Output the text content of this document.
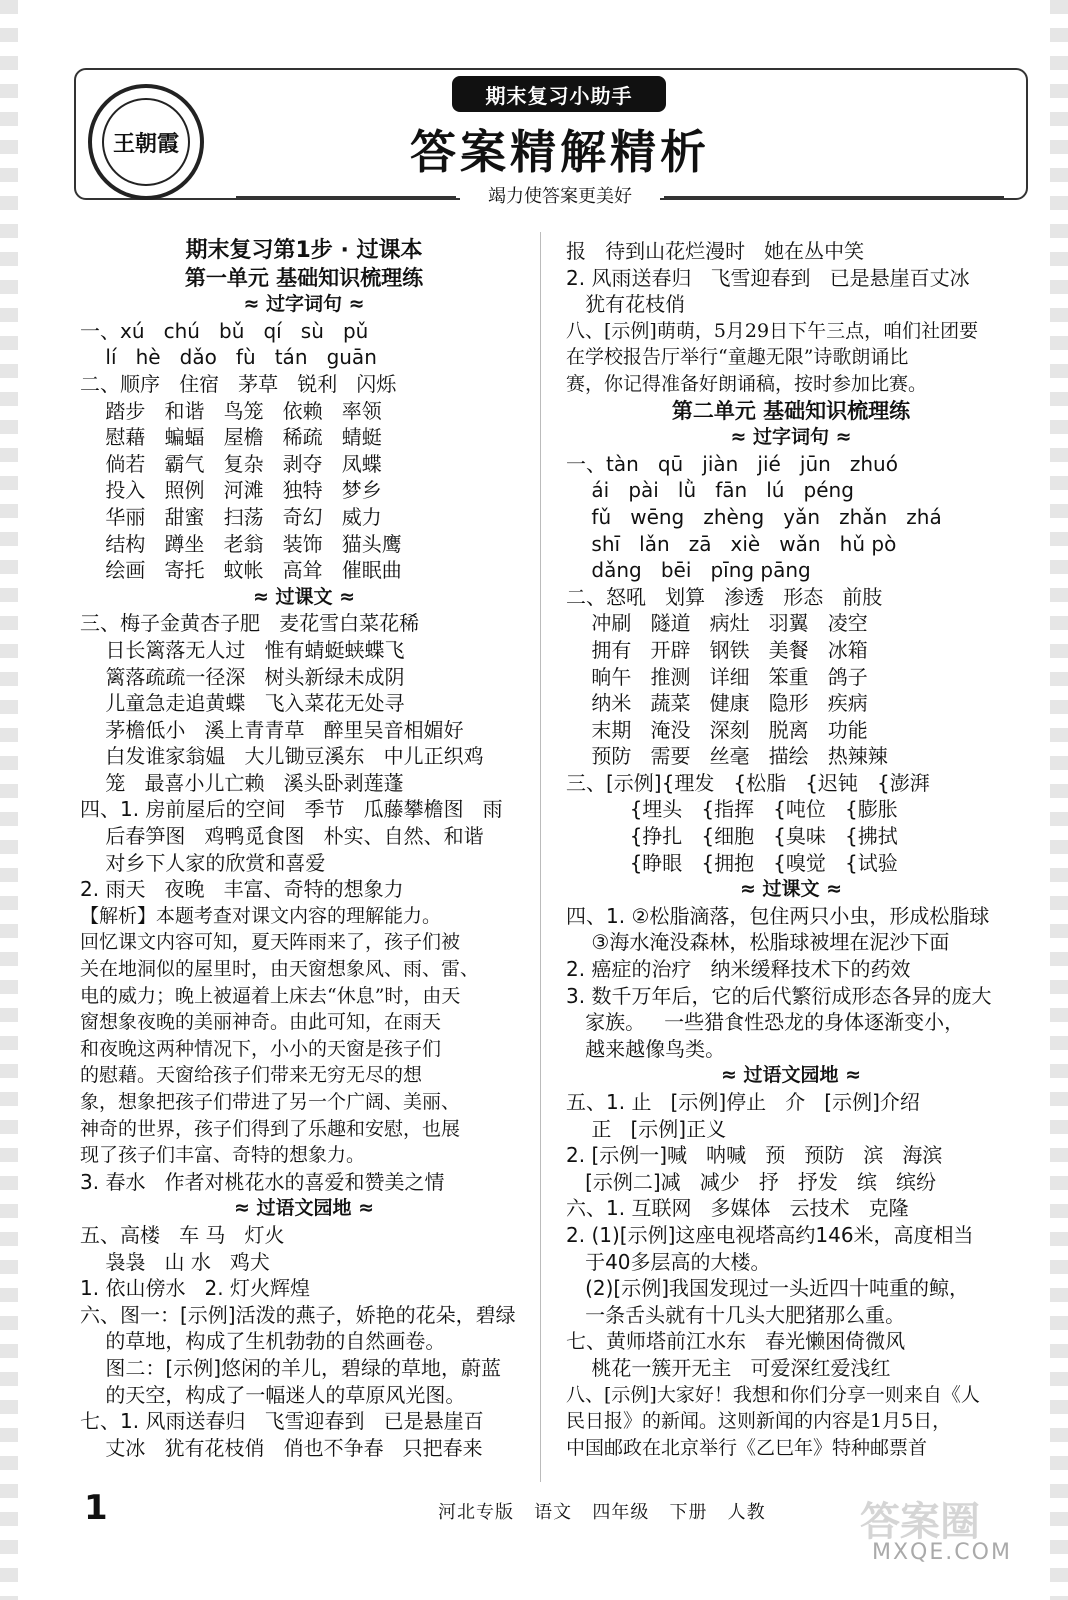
王朝霞
期末复习小助手
答案精解精析
竭力使答案更美好
期末复习第1步 · 过课本
第一单元 基础知识梳理练
≈ 过字词句 ≈
一、xú   chú   bǔ   qí   sù   pǔ
lí   hè   dǎo   fù   tán   guān
二、顺序   住宿   茅草   锐利   闪烁
踏步   和谐   鸟笼   依赖   率领
慰藉   蝙蝠   屋檐   稀疏   蜻蜓
倘若   霸气   复杂   剥夺   凤蝶
投入   照例   河滩   独特   梦乡
华丽   甜蜜   扫荡   奇幻   威力
结构   蹲坐   老翁   装饰   猫头鹰
绘画   寄托   蚊帐   高耸   催眠曲
≈ 过课文 ≈
三、梅子金黄杏子肥   麦花雪白菜花稀
日长篱落无人过   惟有蜻蜓蛱蝶飞
篱落疏疏一径深   树头新绿未成阴
儿童急走追黄蝶   飞入菜花无处寻
茅檐低小   溪上青青草   醉里吴音相媚好
白发谁家翁媪   大儿锄豆溪东   中儿正织鸡
笼   最喜小儿亡赖   溪头卧剥莲蓬
四、1. 房前屋后的空间   季节   瓜藤攀檐图   雨
后春笋图   鸡鸭觅食图   朴实、自然、和谐
对乡下人家的欣赏和喜爱
2. 雨天   夜晚   丰富、奇特的想象力
【解析】本题考查对课文内容的理解能力。
回忆课文内容可知，夏天阵雨来了，孩子们被
关在地洞似的屋里时，由天窗想象风、雨、雷、
电的威力；晚上被逼着上床去“休息”时，由天
窗想象夜晚的美丽神奇。由此可知，在雨天
和夜晚这两种情况下，小小的天窗是孩子们
的慰藉。天窗给孩子们带来无穷无尽的想
象，想象把孩子们带进了另一个广阔、美丽、
神奇的世界，孩子们得到了乐趣和安慰，也展
现了孩子们丰富、奇特的想象力。
3. 春水   作者对桃花水的喜爱和赞美之情
≈ 过语文园地 ≈
五、高楼   车 马   灯火
袅袅   山 水   鸡犬
1. 依山傍水   2. 灯火辉煌
六、图一：[示例]活泼的燕子，娇艳的花朵，碧绿
的草地，构成了生机勃勃的自然画卷。
图二：[示例]悠闲的羊儿，碧绿的草地，蔚蓝
的天空，构成了一幅迷人的草原风光图。
七、1. 风雨送春归   飞雪迎春到   已是悬崖百
丈冰   犹有花枝俏   俏也不争春   只把春来
报   待到山花烂漫时   她在丛中笑
2. 风雨送春归   飞雪迎春到   已是悬崖百丈冰
犹有花枝俏
八、[示例]萌萌，5月29日下午三点，咱们社团要
在学校报告厅举行“童趣无限”诗歌朗诵比
赛，你记得准备好朗诵稿，按时参加比赛。
第二单元 基础知识梳理练
≈ 过字词句 ≈
一、tàn   qū   jiàn   jié   jūn   zhuó
ái   pài   lǜ   fān   lú   péng
fǔ   wēng   zhèng   yǎn   zhǎn   zhá
shī   lǎn   zā   xiè   wǎn   hǔ pò
dǎng   bēi   pīng pāng
二、怒吼   划算   渗透   形态   前肢
冲刷   隧道   病灶   羽翼   凌空
拥有   开辟   钢铁   美餐   冰箱
晌午   推测   详细   笨重   鸽子
纳米   蔬菜   健康   隐形   疾病
末期   淹没   深刻   脱离   功能
预防   需要   丝毫   描绘   热辣辣
三、[示例]{理发   {松脂   {迟钝   {澎湃
{埋头   {指挥   {吨位   {膨胀
{挣扎   {细胞   {臭味   {拂拭
{睁眼   {拥抱   {嗅觉   {试验
≈ 过课文 ≈
四、1. ②松脂滴落，包住两只小虫，形成松脂球
③海水淹没森林，松脂球被埋在泥沙下面
2. 癌症的治疗   纳米缓释技术下的药效
3. 数千万年后，它的后代繁衍成形态各异的庞大
家族。   一些猎食性恐龙的身体逐渐变小，
越来越像鸟类。
≈ 过语文园地 ≈
五、1. 止   [示例]停止   介   [示例]介绍
正   [示例]正义
2. [示例一]喊   呐喊   预   预防   滨   海滨
[示例二]减   减少   抒   抒发   缤   缤纷
六、1. 互联网   多媒体   云技术   克隆
2. (1)[示例]这座电视塔高约146米，高度相当
于40多层高的大楼。
(2)[示例]我国发现过一头近四十吨重的鲸，
一条舌头就有十几头大肥猪那么重。
七、黄师塔前江水东   春光懒困倚微风
桃花一簇开无主   可爱深红爱浅红
八、[示例]大家好！我想和你们分享一则来自《人
民日报》的新闻。这则新闻的内容是1月5日，
中国邮政在北京举行《乙巳年》特种邮票首
1	河北专版   语文   四年级   下册   人教 答案圈
MXQE.COM
